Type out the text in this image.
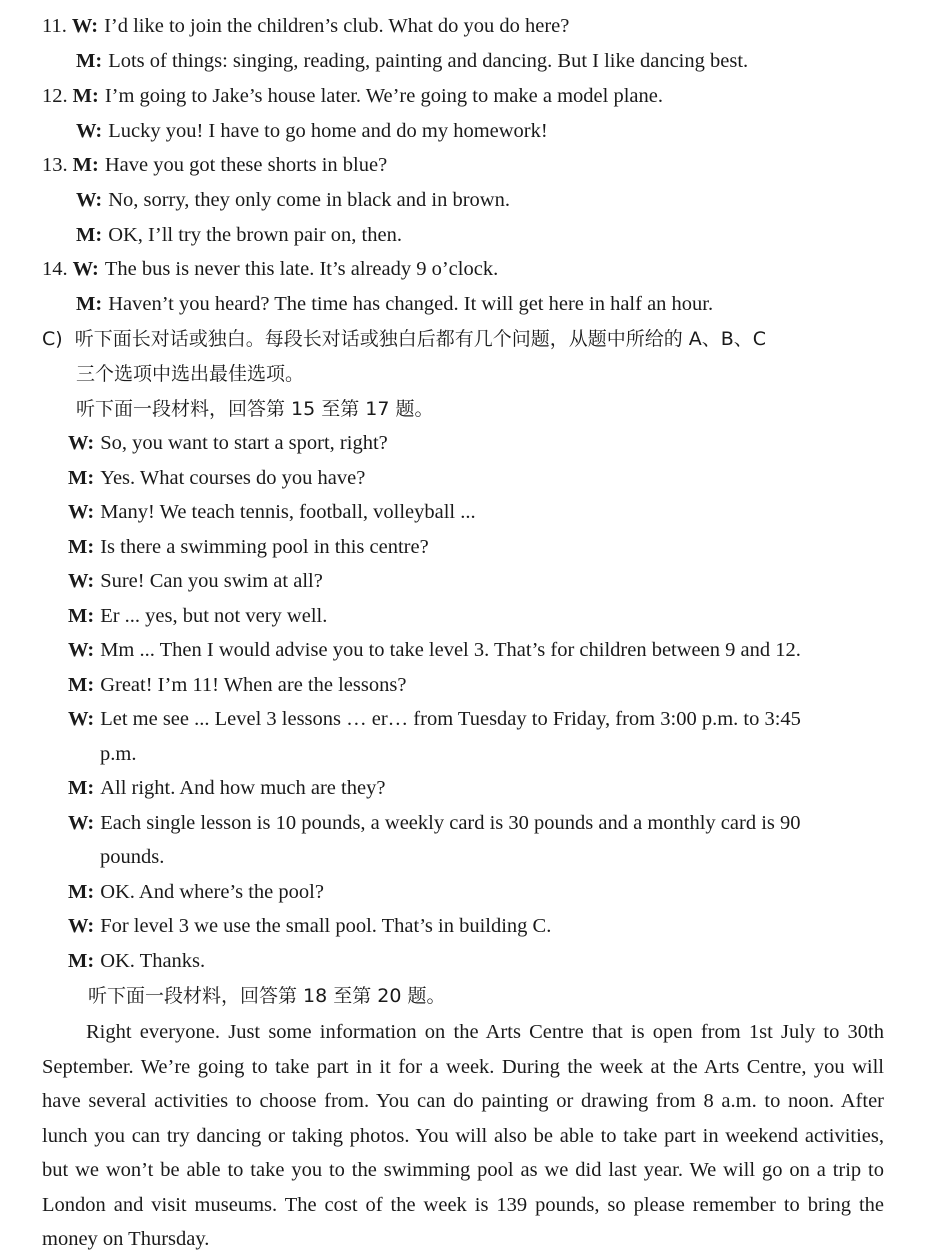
11. W: I’d like to join the children’s club. What do you do here?
M: Lots of things: singing, reading, painting and dancing. But I like dancing best.
12. M: I’m going to Jake’s house later. We’re going to make a model plane.
W: Lucky you! I have to go home and do my homework!
13. M: Have you got these shorts in blue?
W: No, sorry, they only come in black and in brown.
M: OK, I’ll try the brown pair on, then.
14. W: The bus is never this late. It’s already 9 o’clock.
M: Haven’t you heard? The time has changed. It will get here in half an hour.
C) 听下面长对话或独白。每段长对话或独白后都有几个问题，从题中所给的 A、B、C
三个选项中选出最佳选项。
听下面一段材料，回答第 15 至第 17 题。
W: So, you want to start a sport, right?
M: Yes. What courses do you have?
W: Many! We teach tennis, football, volleyball ...
M: Is there a swimming pool in this centre?
W: Sure! Can you swim at all?
M: Er ... yes, but not very well.
W: Mm ... Then I would advise you to take level 3. That’s for children between 9 and 12.
M: Great! I’m 11! When are the lessons?
W: Let me see ... Level 3 lessons … er… from Tuesday to Friday, from 3:00 p.m. to 3:45
p.m.
M: All right. And how much are they?
W: Each single lesson is 10 pounds, a weekly card is 30 pounds and a monthly card is 90
pounds.
M: OK. And where’s the pool?
W: For level 3 we use the small pool. That’s in building C.
M: OK. Thanks.
听下面一段材料，回答第 18 至第 20 题。
Right everyone. Just some information on the Arts Centre that is open from 1st July to 30th September. We’re going to take part in it for a week. During the week at the Arts Centre, you will have several activities to choose from. You can do painting or drawing from 8 a.m. to noon. After lunch you can try dancing or taking photos. You will also be able to take part in weekend activities, but we won’t be able to take you to the swimming pool as we did last year. We will go on a trip to London and visit museums. The cost of the week is 139 pounds, so please remember to bring the money on Thursday.
